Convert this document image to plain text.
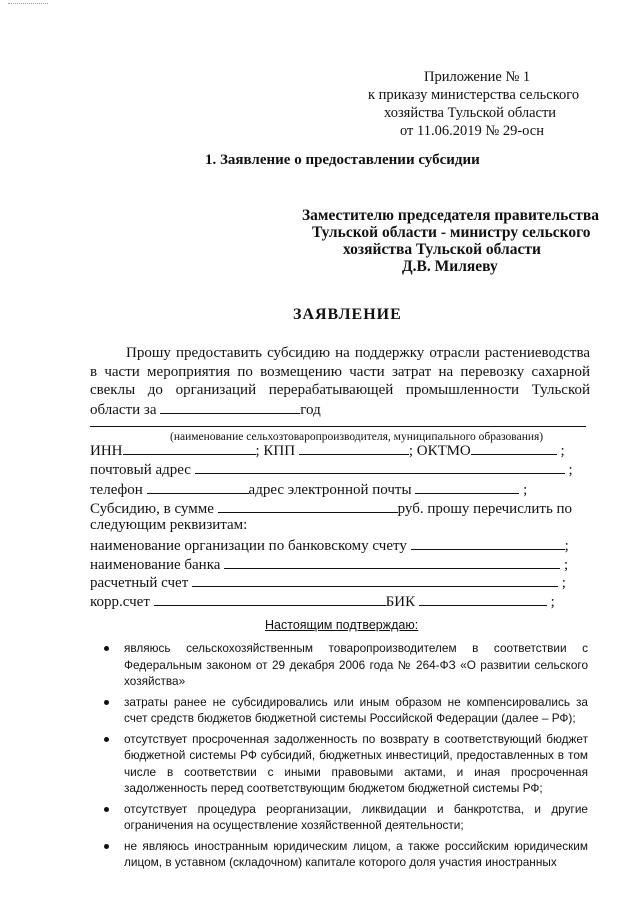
Приложение № 1
к приказу министерства сельского
хозяйства Тульской области
от 11.06.2019 № 29-осн
1. Заявление о предоставлении субсидии
Заместителю председателя правительства
Тульской области - министру сельского
хозяйства Тульской области
Д.В. Миляеву
ЗАЯВЛЕНИЕ
Прошу предоставить субсидию на поддержку отрасли растениеводства
в части мероприятия по возмещению части затрат на перевозку сахарной
свеклы до организаций перерабатывающей промышленности Тульской
области за	год
(наименование сельхозтоваропроизводителя, муниципального образования)
ИНН	; КПП	; ОКТМО	;
почтовый адрес	;
телефон	адрес электронной почты	;
Субсидию, в сумме	руб. прошу перечислить по
следующим реквизитам:
наименование организации по банковскому счету	;
наименование банка	;
расчетный счет	;
корр.счет	БИК	;
Настоящим подтверждаю:
являюсь сельскохозяйственным товаропроизводителем в соответствии с Федеральным законом от 29 декабря 2006 года № 264-ФЗ «О развитии сельского хозяйства»
затраты ранее не субсидировались или иным образом не компенсировались за счет средств бюджетов бюджетной системы Российской Федерации (далее – РФ);
отсутствует просроченная задолженность по возврату в соответствующий бюджет бюджетной системы РФ субсидий, бюджетных инвестиций, предоставленных в том числе в соответствии с иными правовыми актами, и иная просроченная задолженность перед соответствующим бюджетом бюджетной системы РФ;
отсутствует процедура реорганизации, ликвидации и банкротства, и другие ограничения на осуществление хозяйственной деятельности;
не являюсь иностранным юридическим лицом, а также российским юридическим лицом, в уставном (складочном) капитале которого доля участия иностранных
